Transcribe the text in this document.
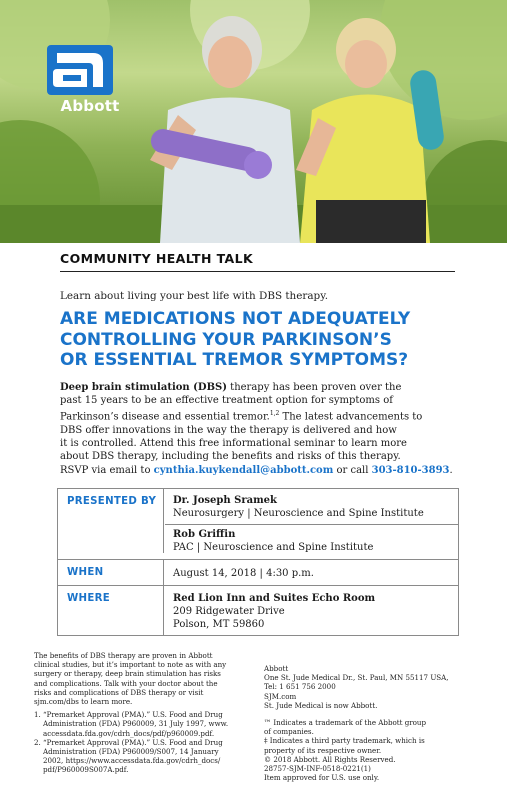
Abbott
COMMUNITY HEALTH TALK
Learn about living your best life with DBS therapy.
ARE MEDICATIONS NOT ADEQUATELY
CONTROLLING YOUR PARKINSON’S
OR ESSENTIAL TREMOR SYMPTOMS?
Deep brain stimulation (DBS) therapy has been proven over the
past 15 years to be an effective treatment option for symptoms of
Parkinson’s disease and essential tremor.$^{1,2}$ The latest advancements to
DBS offer innovations in the way the therapy is delivered and how
it is controlled. Attend this free informational seminar to learn more
about DBS therapy, including the benefits and risks of this therapy.
RSVP via email to cynthia.kuykendall@abbott.com or call 303-810-3893.
PRESENTED BY	Dr. Joseph Sramek
Neurosurgery | Neuroscience and Spine Institute
Rob Griffin
PAC | Neuroscience and Spine Institute
WHEN	August 14, 2018 | 4:30 p.m.
WHERE	Red Lion Inn and Suites Echo Room
209 Ridgewater Drive
Polson, MT 59860
The benefits of DBS therapy are proven in Abbott
clinical studies, but it’s important to note as with any
surgery or therapy, deep brain stimulation has risks
and complications. Talk with your doctor about the
risks and complications of DBS therapy or visit
sjm.com/dbs to learn more.
1. “Premarket Approval (PMA).” U.S. Food and Drug
Administration (FDA) P960009, 31 July 1997, www.
accessdata.fda.gov/cdrh_docs/pdf/p960009.pdf.
2. “Premarket Approval (PMA).” U.S. Food and Drug
Administration (FDA) P960009/S007, 14 January
2002, https://www.accessdata.fda.gov/cdrh_docs/
pdf/P960009S007A.pdf.
Abbott
One St. Jude Medical Dr., St. Paul, MN 55117 USA,
Tel: 1 651 756 2000
SJM.com
St. Jude Medical is now Abbott.
™ Indicates a trademark of the Abbott group
of companies.
‡ Indicates a third party trademark, which is
property of its respective owner.
© 2018 Abbott. All Rights Reserved.
28757-SJM-INF-0518-0221(1)
Item approved for U.S. use only.
